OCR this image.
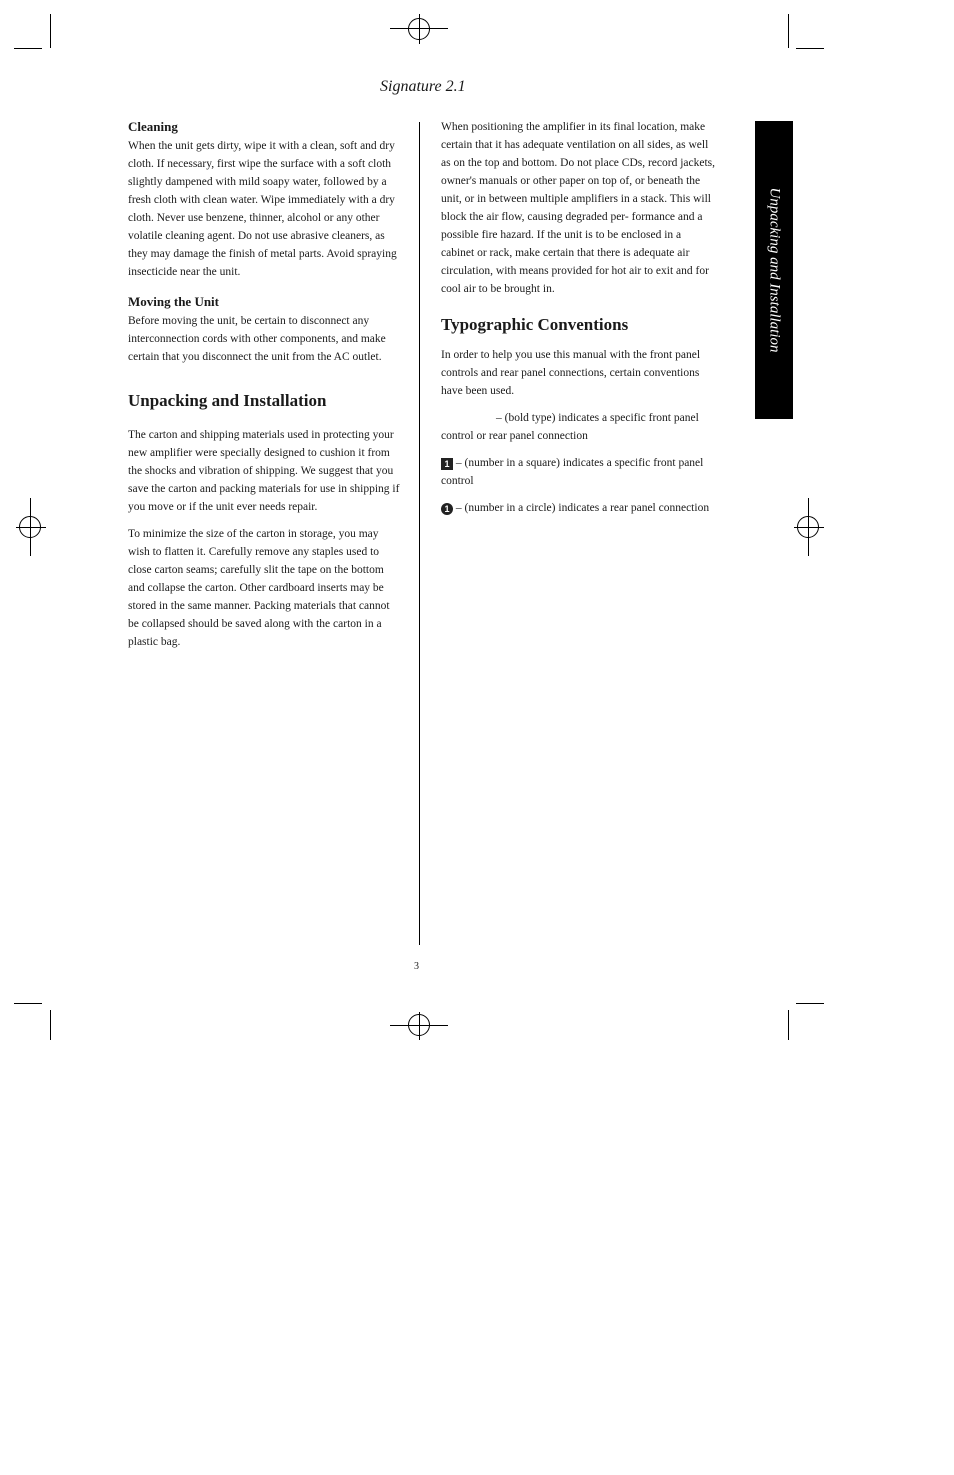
Signature 2.1
Cleaning

When the unit gets dirty, wipe it with a clean, soft and dry cloth. If necessary, first wipe the surface with a soft cloth slightly dampened with mild soapy water, followed by a fresh cloth with clean water. Wipe immediately with a dry cloth. Never use benzene, thinner, alcohol or any other volatile cleaning agent. Do not use abrasive cleaners, as they may damage the finish of metal parts. Avoid spraying insecticide near the unit.

Moving the Unit

Before moving the unit, be certain to disconnect any interconnection cords with other components, and make certain that you disconnect the unit from the AC outlet.

Unpacking and Installation

The carton and shipping materials used in protecting your new amplifier were specially designed to cushion it from the shocks and vibration of shipping. We suggest that you save the carton and packing materials for use in shipping if you move or if the unit ever needs repair.

To minimize the size of the carton in storage, you may wish to flatten it. Carefully remove any staples used to close carton seams; carefully slit the tape on the bottom and collapse the carton. Other cardboard inserts may be stored in the same manner. Packing materials that cannot be collapsed should be saved along with the carton in a plastic bag.

When positioning the amplifier in its final location, make certain that it has adequate ventilation on all sides, as well as on the top and bottom. Do not place CDs, record jackets, owner's manuals or other paper on top of, or beneath the unit, or in between multiple amplifiers in a stack. This will block the air flow, causing degraded per- formance and a possible fire hazard. If the unit is to be enclosed in a cabinet or rack, make certain that there is adequate air circulation, with means provided for hot air to exit and for cool air to be brought in.

Typographic Conventions

In order to help you use this manual with the front panel controls and rear panel connections, certain conventions have been used.

– (bold type) indicates a specific front panel control or rear panel connection

1 – (number in a square) indicates a specific front panel control

1 – (number in a circle) indicates a rear panel connection

Unpacking and Installation
3
